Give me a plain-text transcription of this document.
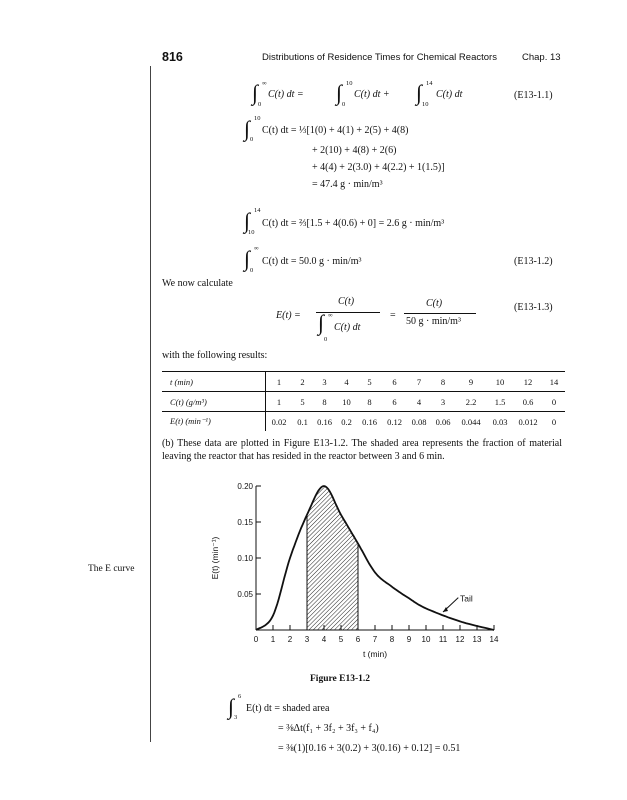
816	Distributions of Residence Times for Chemical Reactors	Chap. 13
∫ ∞
0
C(t) dt = ∫ 10
0
C(t) dt + ∫ 14
10
C(t) dt	(E13-1.1)
∫ 10
0
C(t) dt = ⅓[1(0) + 4(1) + 2(5) + 4(8)
+ 2(10) + 4(8) + 2(6)
+ 4(4) + 2(3.0) + 4(2.2) + 1(1.5)]
= 47.4 g · min/m³
∫ 14
10
C(t) dt = ⅔[1.5 + 4(0.6) + 0] = 2.6 g · min/m³
∫ ∞
0
C(t) dt = 50.0 g · min/m³	(E13-1.2)
We now calculate
E(t) =
C(t)
∫ ∞
0
C(t) dt
=
C(t)
50 g · min/m³
(E13-1.3)
with the following results:
t (min)	1	2	3	4	5	6	7	8	9	10	12	14
C(t) (g/m³)	1	5	8	10	8	6	4	3	2.2	1.5	0.6	0
E(t) (min⁻¹)	0.02	0.1	0.16	0.2	0.16	0.12	0.08	0.06	0.044	0.03	0.012	0
(b) These data are plotted in Figure E13-1.2. The shaded area represents the fraction of material leaving the reactor that has resided in the reactor between 3 and 6 min.
The E curve
0 1 2 3 4 5 6 7 8 9 10 11 12 13 14
0.05
0.10
0.15
0.20
t (min)
E(t) (min⁻¹)
Tail
Figure E13-1.2
∫ 6
3
E(t) dt = shaded area
= ⅜Δt(f₁ + 3f₂ + 3f₃ + f₄)
= ⅜(1)[0.16 + 3(0.2) + 3(0.16) + 0.12] = 0.51
